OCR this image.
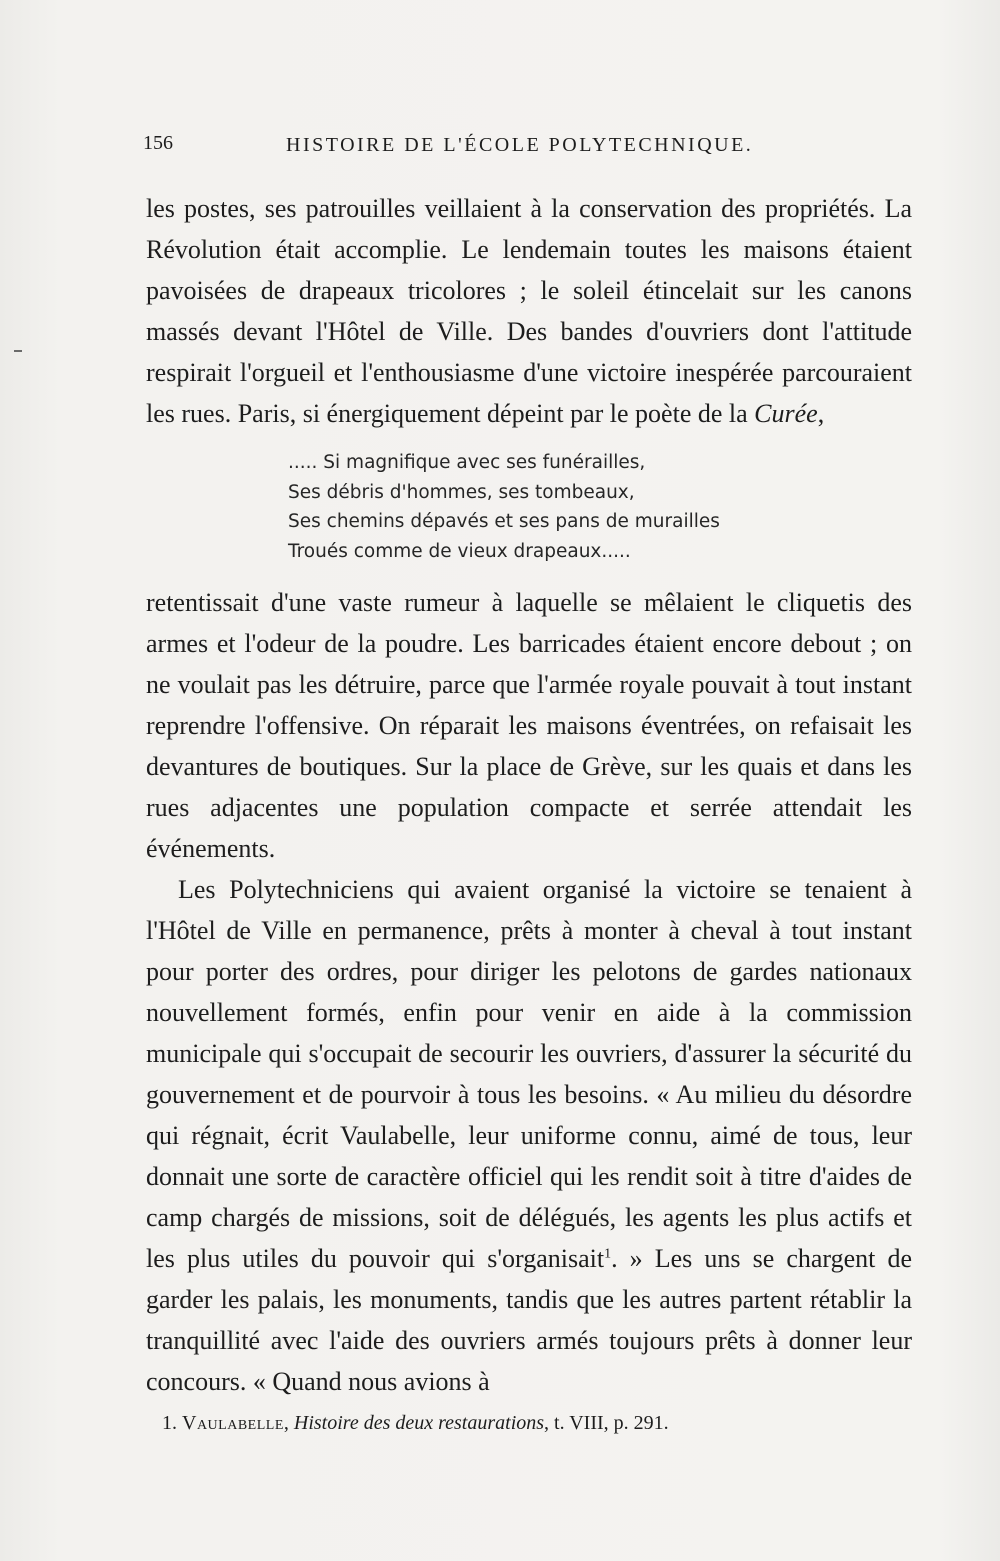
156	HISTOIRE DE L'ÉCOLE POLYTECHNIQUE.

les postes, ses patrouilles veillaient à la conservation des propriétés. La Révolution était accomplie. Le lendemain toutes les maisons étaient pavoisées de drapeaux tricolores ; le soleil étincelait sur les canons massés devant l'Hôtel de Ville. Des bandes d'ouvriers dont l'attitude respirait l'orgueil et l'enthousiasme d'une victoire inespérée parcouraient les rues. Paris, si énergiquement dépeint par le poète de la Curée,

..... Si magnifique avec ses funérailles,
Ses débris d'hommes, ses tombeaux,
Ses chemins dépavés et ses pans de murailles
Troués comme de vieux drapeaux.....

retentissait d'une vaste rumeur à laquelle se mêlaient le cliquetis des armes et l'odeur de la poudre. Les barricades étaient encore debout ; on ne voulait pas les détruire, parce que l'armée royale pouvait à tout instant reprendre l'offensive. On réparait les maisons éventrées, on refaisait les devantures de boutiques. Sur la place de Grève, sur les quais et dans les rues adjacentes une population compacte et serrée attendait les événements.

Les Polytechniciens qui avaient organisé la victoire se tenaient à l'Hôtel de Ville en permanence, prêts à monter à cheval à tout instant pour porter des ordres, pour diriger les pelotons de gardes nationaux nouvellement formés, enfin pour venir en aide à la commission municipale qui s'occupait de secourir les ouvriers, d'assurer la sécurité du gouvernement et de pourvoir à tous les besoins. « Au milieu du désordre qui régnait, écrit Vaulabelle, leur uniforme connu, aimé de tous, leur donnait une sorte de caractère officiel qui les rendit soit à titre d'aides de camp chargés de missions, soit de délégués, les agents les plus actifs et les plus utiles du pouvoir qui s'organisait$^1$. » Les uns se chargent de garder les palais, les monuments, tandis que les autres partent rétablir la tranquillité avec l'aide des ouvriers armés toujours prêts à donner leur concours. « Quand nous avions à

1. Vaulabelle, Histoire des deux restaurations, t. VIII, p. 291.
